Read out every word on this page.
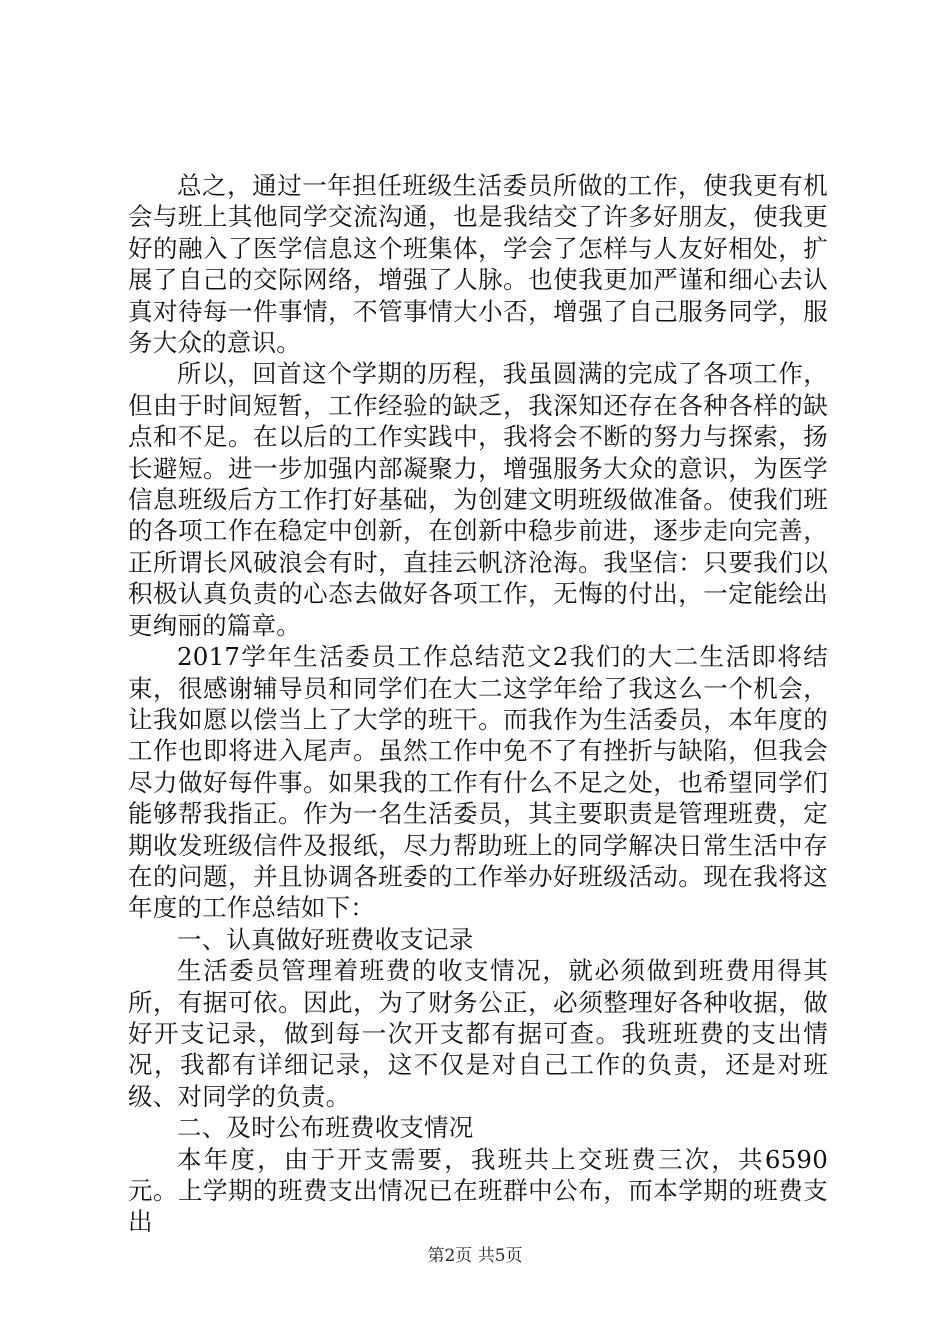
总之，通过一年担任班级生活委员所做的工作，使我更有机会与班上其他同学交流沟通，也是我结交了许多好朋友，使我更好的融入了医学信息这个班集体，学会了怎样与人友好相处，扩展了自己的交际网络，增强了人脉。也使我更加严谨和细心去认真对待每一件事情，不管事情大小否，增强了自己服务同学，服务大众的意识。

所以，回首这个学期的历程，我虽圆满的完成了各项工作，但由于时间短暂，工作经验的缺乏，我深知还存在各种各样的缺点和不足。在以后的工作实践中，我将会不断的努力与探索，扬长避短。进一步加强内部凝聚力，增强服务大众的意识，为医学信息班级后方工作打好基础，为创建文明班级做准备。使我们班的各项工作在稳定中创新，在创新中稳步前进，逐步走向完善，正所谓长风破浪会有时，直挂云帆济沧海。我坚信：只要我们以积极认真负责的心态去做好各项工作，无悔的付出，一定能绘出更绚丽的篇章。

2017学年生活委员工作总结范文2我们的大二生活即将结束，很感谢辅导员和同学们在大二这学年给了我这么一个机会，让我如愿以偿当上了大学的班干。而我作为生活委员，本年度的工作也即将进入尾声。虽然工作中免不了有挫折与缺陷，但我会尽力做好每件事。如果我的工作有什么不足之处，也希望同学们能够帮我指正。作为一名生活委员，其主要职责是管理班费，定期收发班级信件及报纸，尽力帮助班上的同学解决日常生活中存在的问题，并且协调各班委的工作举办好班级活动。现在我将这年度的工作总结如下：

一、认真做好班费收支记录

生活委员管理着班费的收支情况，就必须做到班费用得其所，有据可依。因此，为了财务公正，必须整理好各种收据，做好开支记录，做到每一次开支都有据可查。我班班费的支出情况，我都有详细记录，这不仅是对自己工作的负责，还是对班级、对同学的负责。

二、及时公布班费收支情况

本年度，由于开支需要，我班共上交班费三次，共6590元。上学期的班费支出情况已在班群中公布，而本学期的班费支出

第2页 共5页
